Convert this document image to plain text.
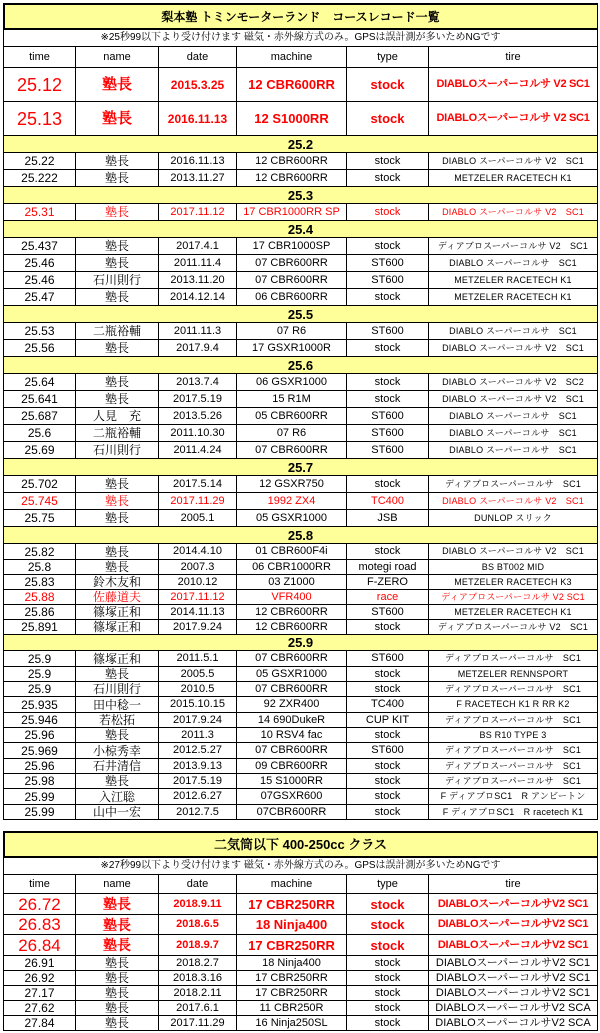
梨本塾 トミンモーターランド　コースレコード一覧
※25秒99以下より受け付けます 磁気・赤外線方式のみ。GPSは誤計測が多いためNGです
time	name	date	machine	type	tire
25.12	塾長	2015.3.25	12 CBR600RR	stock	DIABLOスーパーコルサ V2 SC1
25.13	塾長	2016.11.13	12 S1000RR	stock	DIABLOスーパーコルサ V2 SC1
25.2
25.22	塾長	2016.11.13	12 CBR600RR	stock	DIABLO スーパーコルサ V2　SC1
25.222	塾長	2013.11.27	12 CBR600RR	stock	METZELER RACETECH K1
25.3
25.31	塾長	2017.11.12	17 CBR1000RR SP	stock	DIABLO スーパーコルサ V2　SC1
25.4
25.437	塾長	2017.4.1	17 CBR1000SP	stock	ディアブロスーパーコルサ V2　SC1
25.46	塾長	2011.11.4	07 CBR600RR	ST600	DIABLO スーパーコルサ　SC1
25.46	石川則行	2013.11.20	07 CBR600RR	ST600	METZELER RACETECH K1
25.47	塾長	2014.12.14	06 CBR600RR	stock	METZELER RACETECH K1
25.5
25.53	二瓶裕輔	2011.11.3	07 R6	ST600	DIABLO スーパーコルサ　SC1
25.56	塾長	2017.9.4	17 GSXR1000R	stock	DIABLO スーパーコルサ V2　SC1
25.6
25.64	塾長	2013.7.4	06 GSXR1000	stock	DIABLO スーパーコルサ V2　SC2
25.641	塾長	2017.5.19	15 R1M	stock	DIABLO スーパーコルサ V2　SC1
25.687	人見　充	2013.5.26	05 CBR600RR	ST600	DIABLO スーパーコルサ　SC1
25.6	二瓶裕輔	2011.10.30	07 R6	ST600	DIABLO スーパーコルサ　SC1
25.69	石川則行	2011.4.24	07 CBR600RR	ST600	DIABLO スーパーコルサ　SC1
25.7
25.702	塾長	2017.5.14	12 GSXR750	stock	ディアブロスーパーコルサ　SC1
25.745	塾長	2017.11.29	1992 ZX4	TC400	DIABLO スーパーコルサ V2　SC1
25.75	塾長	2005.1	05 GSXR1000	JSB	DUNLOP スリック
25.8
25.82	塾長	2014.4.10	01 CBR600F4i	stock	DIABLO スーパーコルサ V2　SC1
25.8	塾長	2007.3	06 CBR1000RR	motegi road	BS BT002 MID
25.83	鈴木友和	2010.12	03 Z1000	F-ZERO	METZELER RACETECH K3
25.88	佐藤道夫	2017.11.12	VFR400	race	ディアブロスーパーコルサ V2 SC1
25.86	篠塚正和	2014.11.13	12 CBR600RR	ST600	METZELER RACETECH K1
25.891	篠塚正和	2017.9.24	12 CBR600RR	stock	ディアブロスーパーコルサ V2　SC1
25.9
25.9	篠塚正和	2011.5.1	07 CBR600RR	ST600	ディアブロスーパーコルサ　SC1
25.9	塾長	2005.5	05 GSXR1000	stock	METZELER RENNSPORT
25.9	石川則行	2010.5	07 CBR600RR	stock	ディアブロスーパーコルサ　SC1
25.935	田中稔一	2015.10.15	92 ZXR400	TC400	F RACETECH K1 R RR K2
25.946	若松拓	2017.9.24	14 690DukeR	CUP KIT	ディアブロスーパーコルサ　SC1
25.96	塾長	2011.3	10 RSV4 fac	stock	BS R10 TYPE 3
25.969	小椋秀幸	2012.5.27	07 CBR600RR	ST600	ディアブロスーパーコルサ　SC1
25.96	石井清信	2013.9.13	09 CBR600RR	stock	ディアブロスーパーコルサ　SC1
25.98	塾長	2017.5.19	15 S1000RR	stock	ディアブロスーパーコルサ　SC1
25.99	入江聡	2012.6.27	07GSXR600	stock	F ディアブロSC1　R アンビートン
25.99	山中一宏	2012.7.5	07CBR600RR	stock	F ディアブロSC1　R racetech K1
二気筒以下 400-250cc クラス
※27秒99以下より受け付けます 磁気・赤外線方式のみ。GPSは誤計測が多いためNGです
time	name	date	machine	type	tire
26.72	塾長	2018.9.11	17 CBR250RR	stock	DIABLOスーパーコルサV2 SC1
26.83	塾長	2018.6.5	18 Ninja400	stock	DIABLOスーパーコルサV2 SC1
26.84	塾長	2018.9.7	17 CBR250RR	stock	DIABLOスーパーコルサV2 SC1
26.91	塾長	2018.2.7	18 Ninja400	stock	DIABLOスーパーコルサV2 SC1
26.92	塾長	2018.3.16	17 CBR250RR	stock	DIABLOスーパーコルサV2 SC1
27.17	塾長	2018.2.11	17 CBR250RR	stock	DIABLOスーパーコルサV2 SC1
27.62	塾長	2017.6.1	11 CBR250R	stock	DIABLOスーパーコルサV2 SCA
27.84	塾長	2017.11.29	16 Ninja250SL	stock	DIABLOスーパーコルサV2 SCA
